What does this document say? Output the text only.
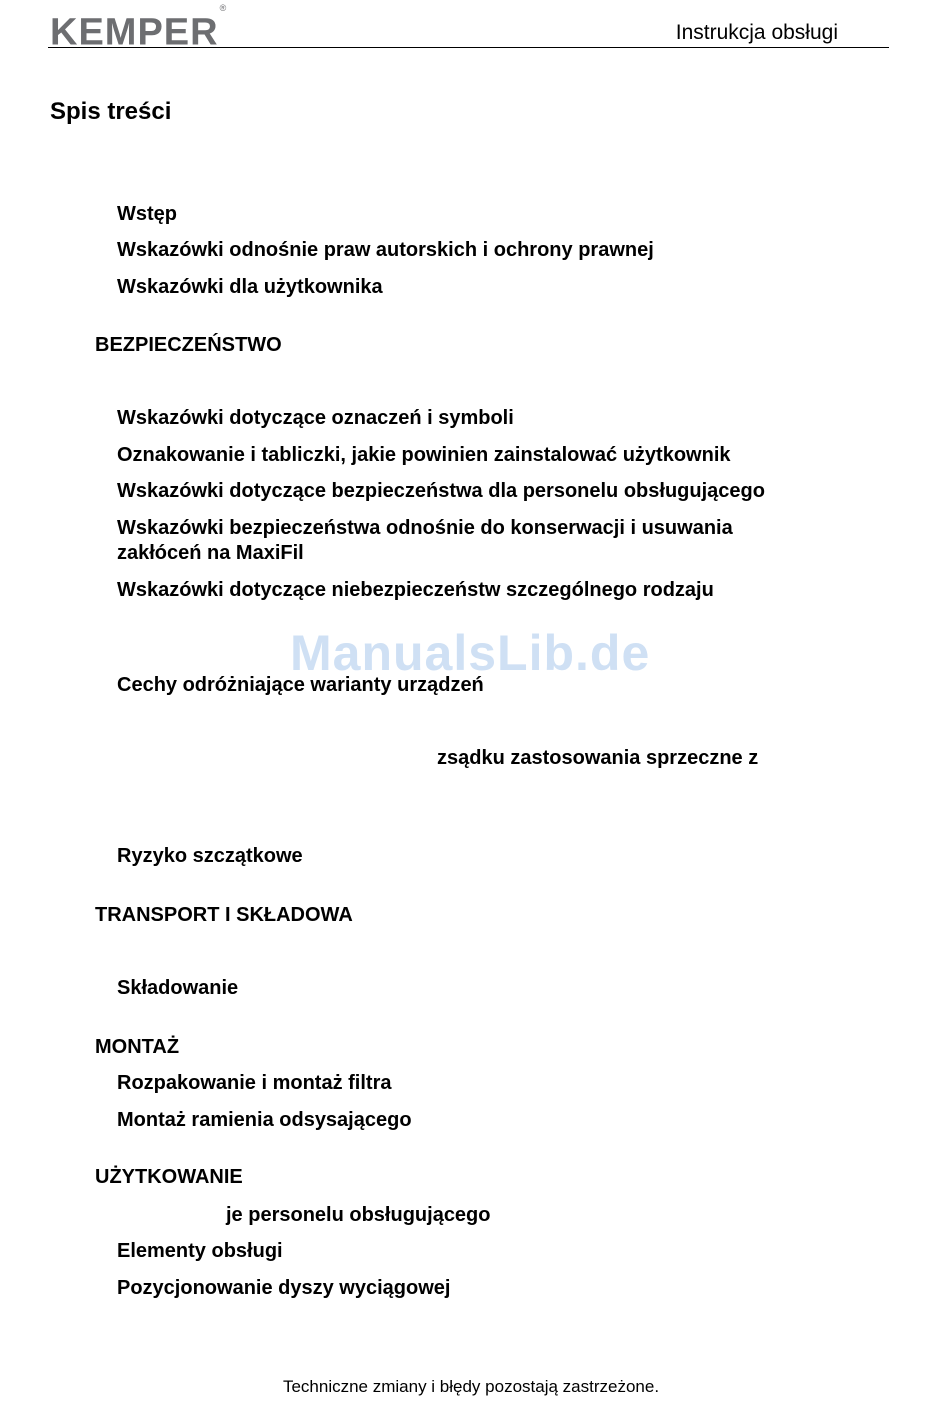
KEMPER®
Instrukcja obsługi
Spis treści
Wstęp
Wskazówki odnośnie praw autorskich i ochrony prawnej
Wskazówki dla użytkownika
BEZPIECZEŃSTWO
Wskazówki dotyczące oznaczeń i symboli
Oznakowanie i tabliczki, jakie powinien zainstalować użytkownik
Wskazówki dotyczące bezpieczeństwa dla personelu obsługującego
Wskazówki bezpieczeństwa odnośnie do konserwacji i usuwania
zakłóceń na MaxiFil
Wskazówki dotyczące niebezpieczeństw szczególnego rodzaju
ManualsLib.de
Cechy odróżniające warianty urządzeń
zsądku zastosowania sprzeczne z
Ryzyko szczątkowe
TRANSPORT I SKŁADOWA
Składowanie
MONTAŻ
Rozpakowanie i montaż filtra
Montaż ramienia odsysającego
UŻYTKOWANIE
je personelu obsługującego
Elementy obsługi
Pozycjonowanie dyszy wyciągowej
Techniczne zmiany i błędy pozostają zastrzeżone.
